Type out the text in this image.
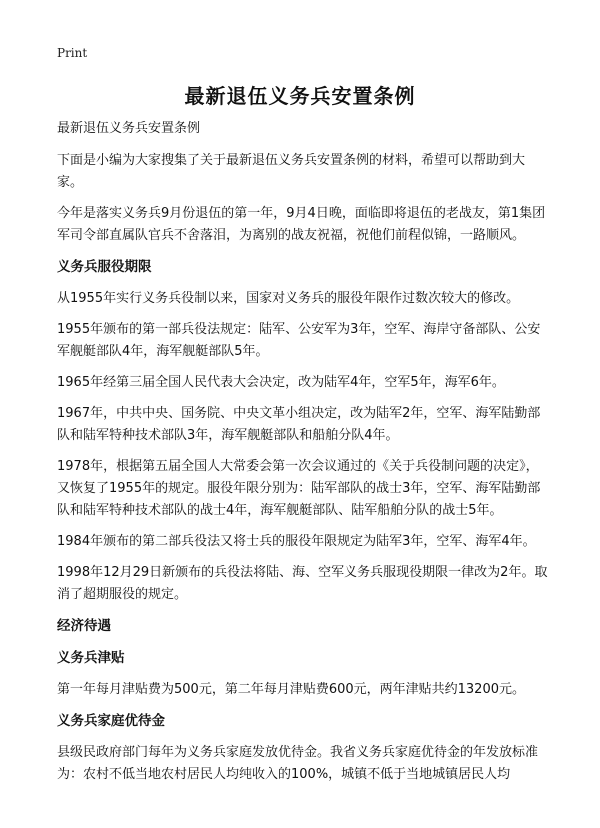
Print
最新退伍义务兵安置条例

最新退伍义务兵安置条例

下面是小编为大家搜集了关于最新退伍义务兵安置条例的材料，希望可以帮助到大家。

今年是落实义务兵9月份退伍的第一年，9月4日晚，面临即将退伍的老战友，第1集团军司令部直属队官兵不舍落泪，为离别的战友祝福，祝他们前程似锦，一路顺风。

义务兵服役期限

从1955年实行义务兵役制以来，国家对义务兵的服役年限作过数次较大的修改。

1955年颁布的第一部兵役法规定：陆军、公安军为3年，空军、海岸守备部队、公安军舰艇部队4年，海军舰艇部队5年。

1965年经第三届全国人民代表大会决定，改为陆军4年，空军5年，海军6年。

1967年，中共中央、国务院、中央文革小组决定，改为陆军2年，空军、海军陆勤部队和陆军特种技术部队3年，海军舰艇部队和船舶分队4年。

1978年，根据第五届全国人大常委会第一次会议通过的《关于兵役制问题的决定》，又恢复了1955年的规定。服役年限分别为：陆军部队的战士3年，空军、海军陆勤部队和陆军特种技术部队的战士4年，海军舰艇部队、陆军船舶分队的战士5年。

1984年颁布的第二部兵役法又将士兵的服役年限规定为陆军3年，空军、海军4年。

1998年12月29日新颁布的兵役法将陆、海、空军义务兵服现役期限一律改为2年。取消了超期服役的规定。

经济待遇
义务兵津贴

第一年每月津贴费为500元，第二年每月津贴费600元，两年津贴共约13200元。

义务兵家庭优待金

县级民政府部门每年为义务兵家庭发放优待金。我省义务兵家庭优待金的年发放标准为：农村不低当地农村居民人均纯收入的100%，城镇不低于当地城镇居民人均
